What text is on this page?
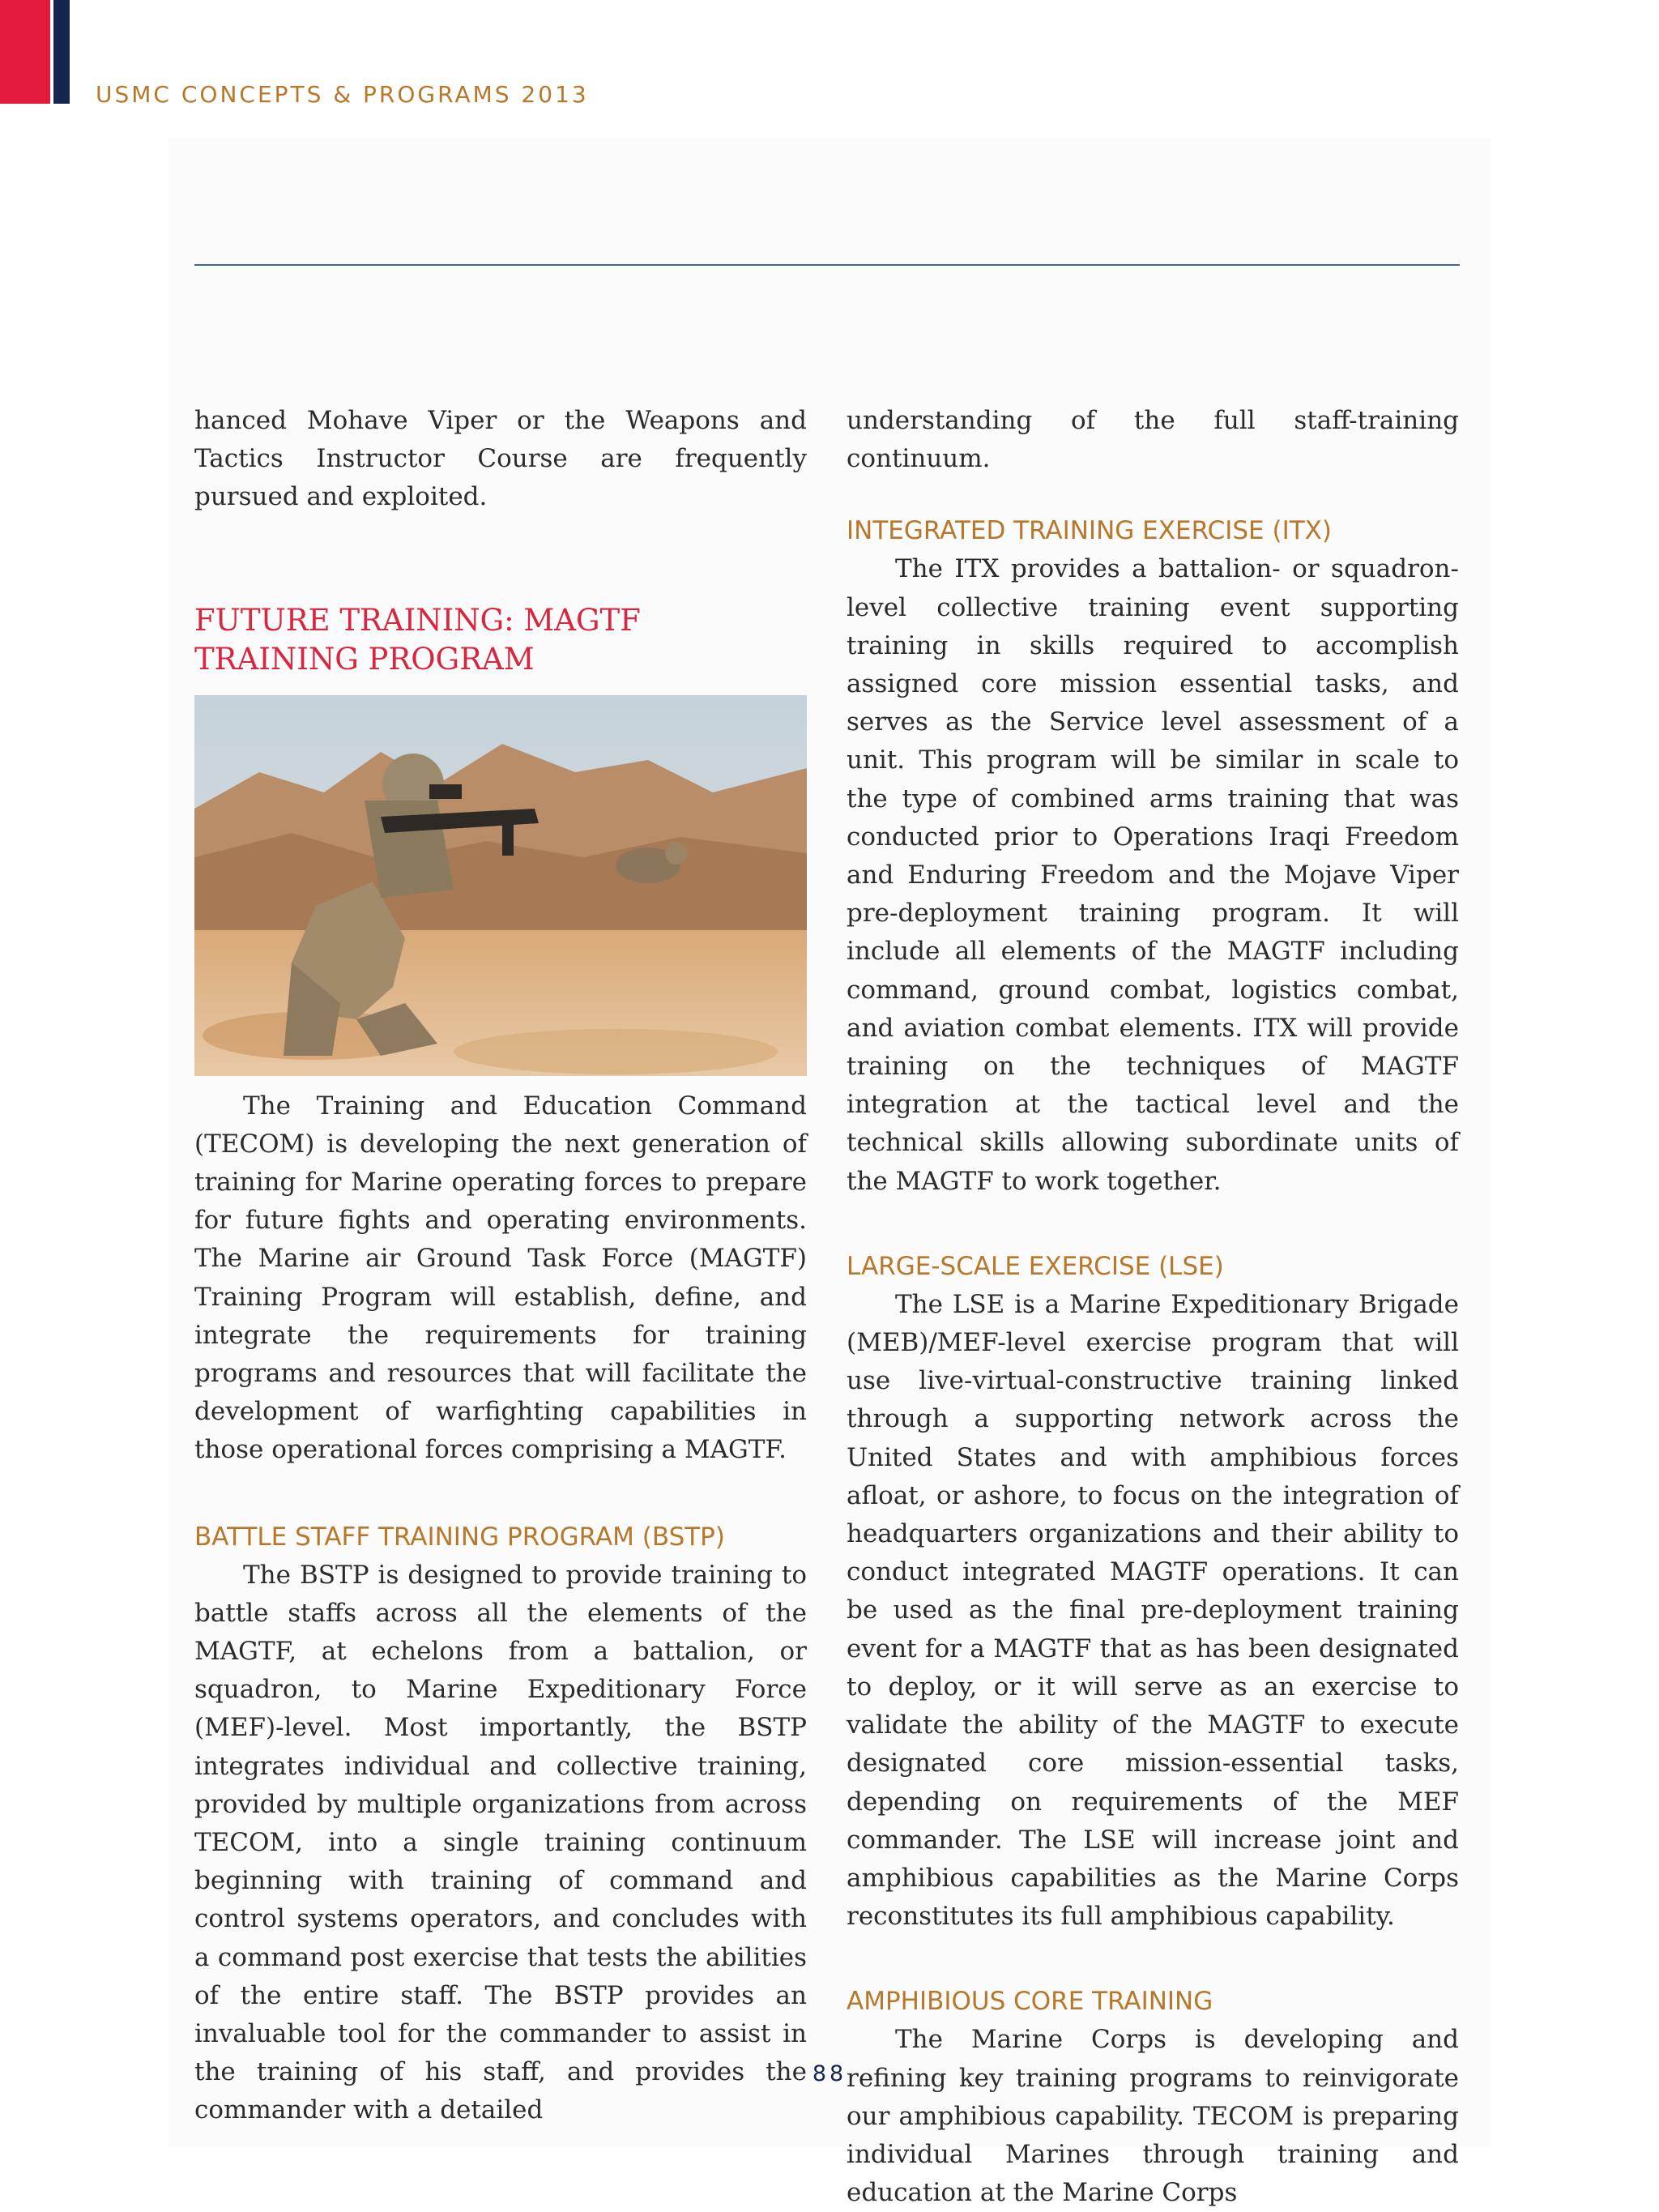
USMC CONCEPTS & PROGRAMS 2013

hanced Mohave Viper or the Weapons and Tactics Instructor Course are frequently pursued and exploited.

FUTURE TRAINING: MAGTF TRAINING PROGRAM

The Training and Education Command (TECOM) is developing the next generation of training for Marine operating forces to prepare for future fights and operating environments. The Marine air Ground Task Force (MAGTF) Training Program will establish, define, and integrate the requirements for training programs and resources that will facilitate the development of warfighting capabilities in those operational forces comprising a MAGTF.

BATTLE STAFF TRAINING PROGRAM (BSTP)

The BSTP is designed to provide training to battle staffs across all the elements of the MAGTF, at echelons from a battalion, or squadron, to Marine Expeditionary Force (MEF)-level. Most importantly, the BSTP integrates individual and collective training, provided by multiple organizations from across TECOM, into a single training continuum beginning with training of command and control systems operators, and concludes with a command post exercise that tests the abilities of the entire staff. The BSTP provides an invaluable tool for the commander to assist in the training of his staff, and provides the commander with a detailed

understanding of the full staff-training continuum.

INTEGRATED TRAINING EXERCISE (ITX)

The ITX provides a battalion- or squadron-level collective training event supporting training in skills required to accomplish assigned core mission essential tasks, and serves as the Service level assessment of a unit. This program will be similar in scale to the type of combined arms training that was conducted prior to Operations Iraqi Freedom and Enduring Freedom and the Mojave Viper pre-deployment training program. It will include all elements of the MAGTF including command, ground combat, logistics combat, and aviation combat elements. ITX will provide training on the techniques of MAGTF integration at the tactical level and the technical skills allowing subordinate units of the MAGTF to work together.

LARGE-SCALE EXERCISE (LSE)

The LSE is a Marine Expeditionary Brigade (MEB)/MEF-level exercise program that will use live-virtual-constructive training linked through a supporting network across the United States and with amphibious forces afloat, or ashore, to focus on the integration of headquarters organizations and their ability to conduct integrated MAGTF operations. It can be used as the final pre-deployment training event for a MAGTF that as has been designated to deploy, or it will serve as an exercise to validate the ability of the MAGTF to execute designated core mission-essential tasks, depending on requirements of the MEF commander. The LSE will increase joint and amphibious capabilities as the Marine Corps reconstitutes its full amphibious capability.

AMPHIBIOUS CORE TRAINING

The Marine Corps is developing and refining key training programs to reinvigorate our amphibious capability. TECOM is preparing individual Marines through training and education at the Marine Corps

88
